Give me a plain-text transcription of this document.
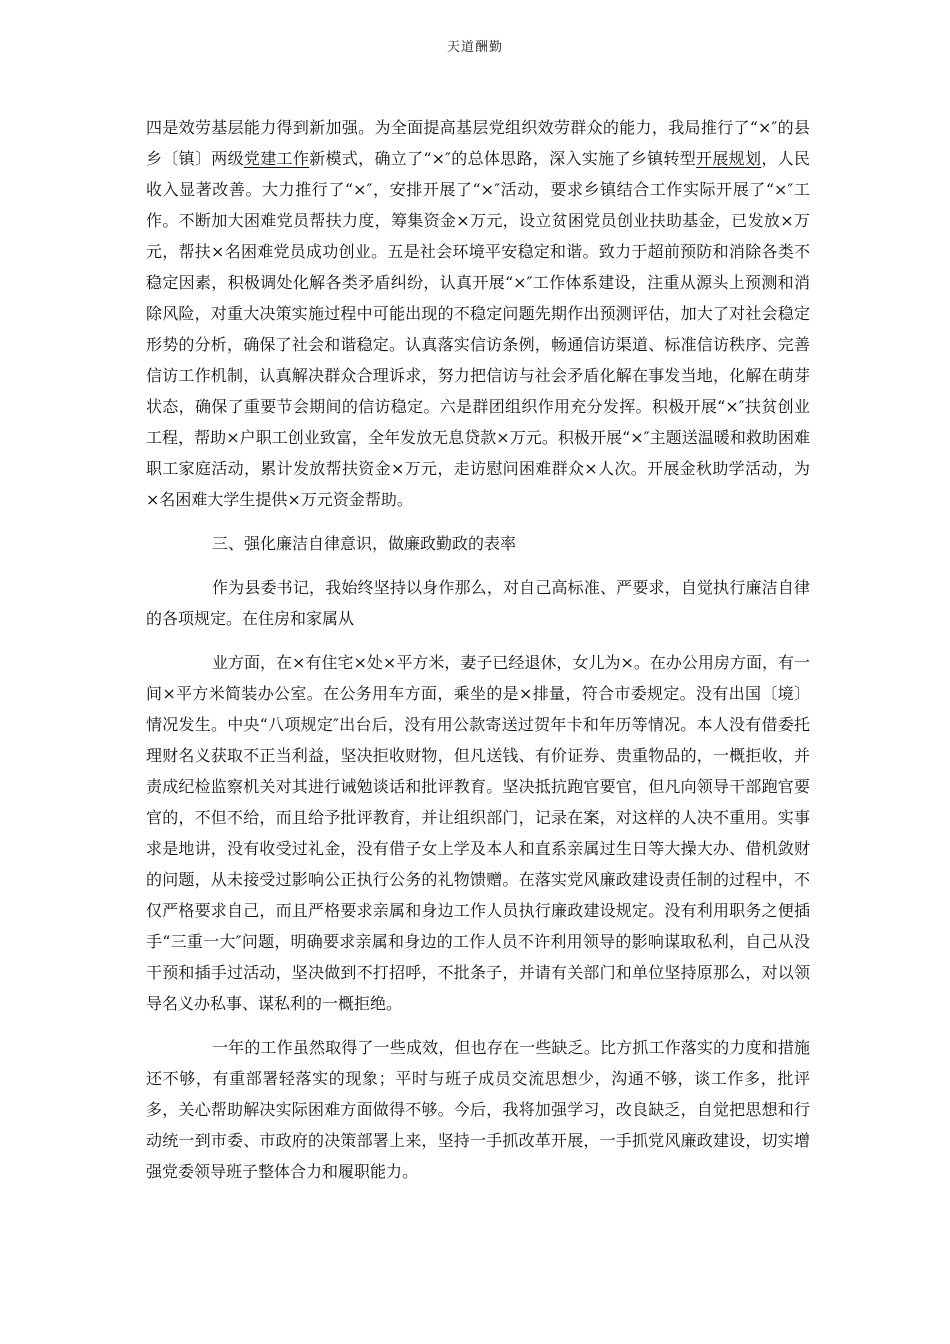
天道酬勤

四是效劳基层能力得到新加强。为全面提高基层党组织效劳群众的能力，我局推行了“×″的县乡〔镇〕两级党建工作新模式，确立了“×″的总体思路，深入实施了乡镇转型开展规划，人民收入显著改善。大力推行了“×″，安排开展了“×″活动，要求乡镇结合工作实际开展了“×″工作。不断加大困难党员帮扶力度，筹集资金×万元，设立贫困党员创业扶助基金，已发放×万元，帮扶×名困难党员成功创业。五是社会环境平安稳定和谐。致力于超前预防和消除各类不稳定因素，积极调处化解各类矛盾纠纷，认真开展“×″工作体系建设，注重从源头上预测和消除风险，对重大决策实施过程中可能出现的不稳定问题先期作出预测评估，加大了对社会稳定形势的分析，确保了社会和谐稳定。认真落实信访条例，畅通信访渠道、标准信访秩序、完善信访工作机制，认真解决群众合理诉求，努力把信访与社会矛盾化解在事发当地，化解在萌芽状态，确保了重要节会期间的信访稳定。六是群团组织作用充分发挥。积极开展“×″扶贫创业工程，帮助×户职工创业致富，全年发放无息贷款×万元。积极开展“×″主题送温暖和救助困难职工家庭活动，累计发放帮扶资金×万元，走访慰问困难群众×人次。开展金秋助学活动，为×名困难大学生提供×万元资金帮助。

三、强化廉洁自律意识，做廉政勤政的表率

作为县委书记，我始终坚持以身作那么，对自己高标准、严要求，自觉执行廉洁自律的各项规定。在住房和家属从

业方面，在×有住宅×处×平方米，妻子已经退休，女儿为×。在办公用房方面，有一间×平方米简装办公室。在公务用车方面，乘坐的是×排量，符合市委规定。没有出国〔境〕情况发生。中央“八项规定″出台后，没有用公款寄送过贺年卡和年历等情况。本人没有借委托理财名义获取不正当利益，坚决拒收财物，但凡送钱、有价证券、贵重物品的，一概拒收，并责成纪检监察机关对其进行诫勉谈话和批评教育。坚决抵抗跑官要官，但凡向领导干部跑官要官的，不但不给，而且给予批评教育，并让组织部门，记录在案，对这样的人决不重用。实事求是地讲，没有收受过礼金，没有借子女上学及本人和直系亲属过生日等大操大办、借机敛财的问题，从未接受过影响公正执行公务的礼物馈赠。在落实党风廉政建设责任制的过程中，不仅严格要求自己，而且严格要求亲属和身边工作人员执行廉政建设规定。没有利用职务之便插手“三重一大″问题，明确要求亲属和身边的工作人员不许利用领导的影响谋取私利，自己从没干预和插手过活动，坚决做到不打招呼，不批条子，并请有关部门和单位坚持原那么，对以领导名义办私事、谋私利的一概拒绝。

一年的工作虽然取得了一些成效，但也存在一些缺乏。比方抓工作落实的力度和措施还不够，有重部署轻落实的现象；平时与班子成员交流思想少，沟通不够，谈工作多，批评多，关心帮助解决实际困难方面做得不够。今后，我将加强学习，改良缺乏，自觉把思想和行动统一到市委、市政府的决策部署上来，坚持一手抓改革开展，一手抓党风廉政建设，切实增强党委领导班子整体合力和履职能力。
